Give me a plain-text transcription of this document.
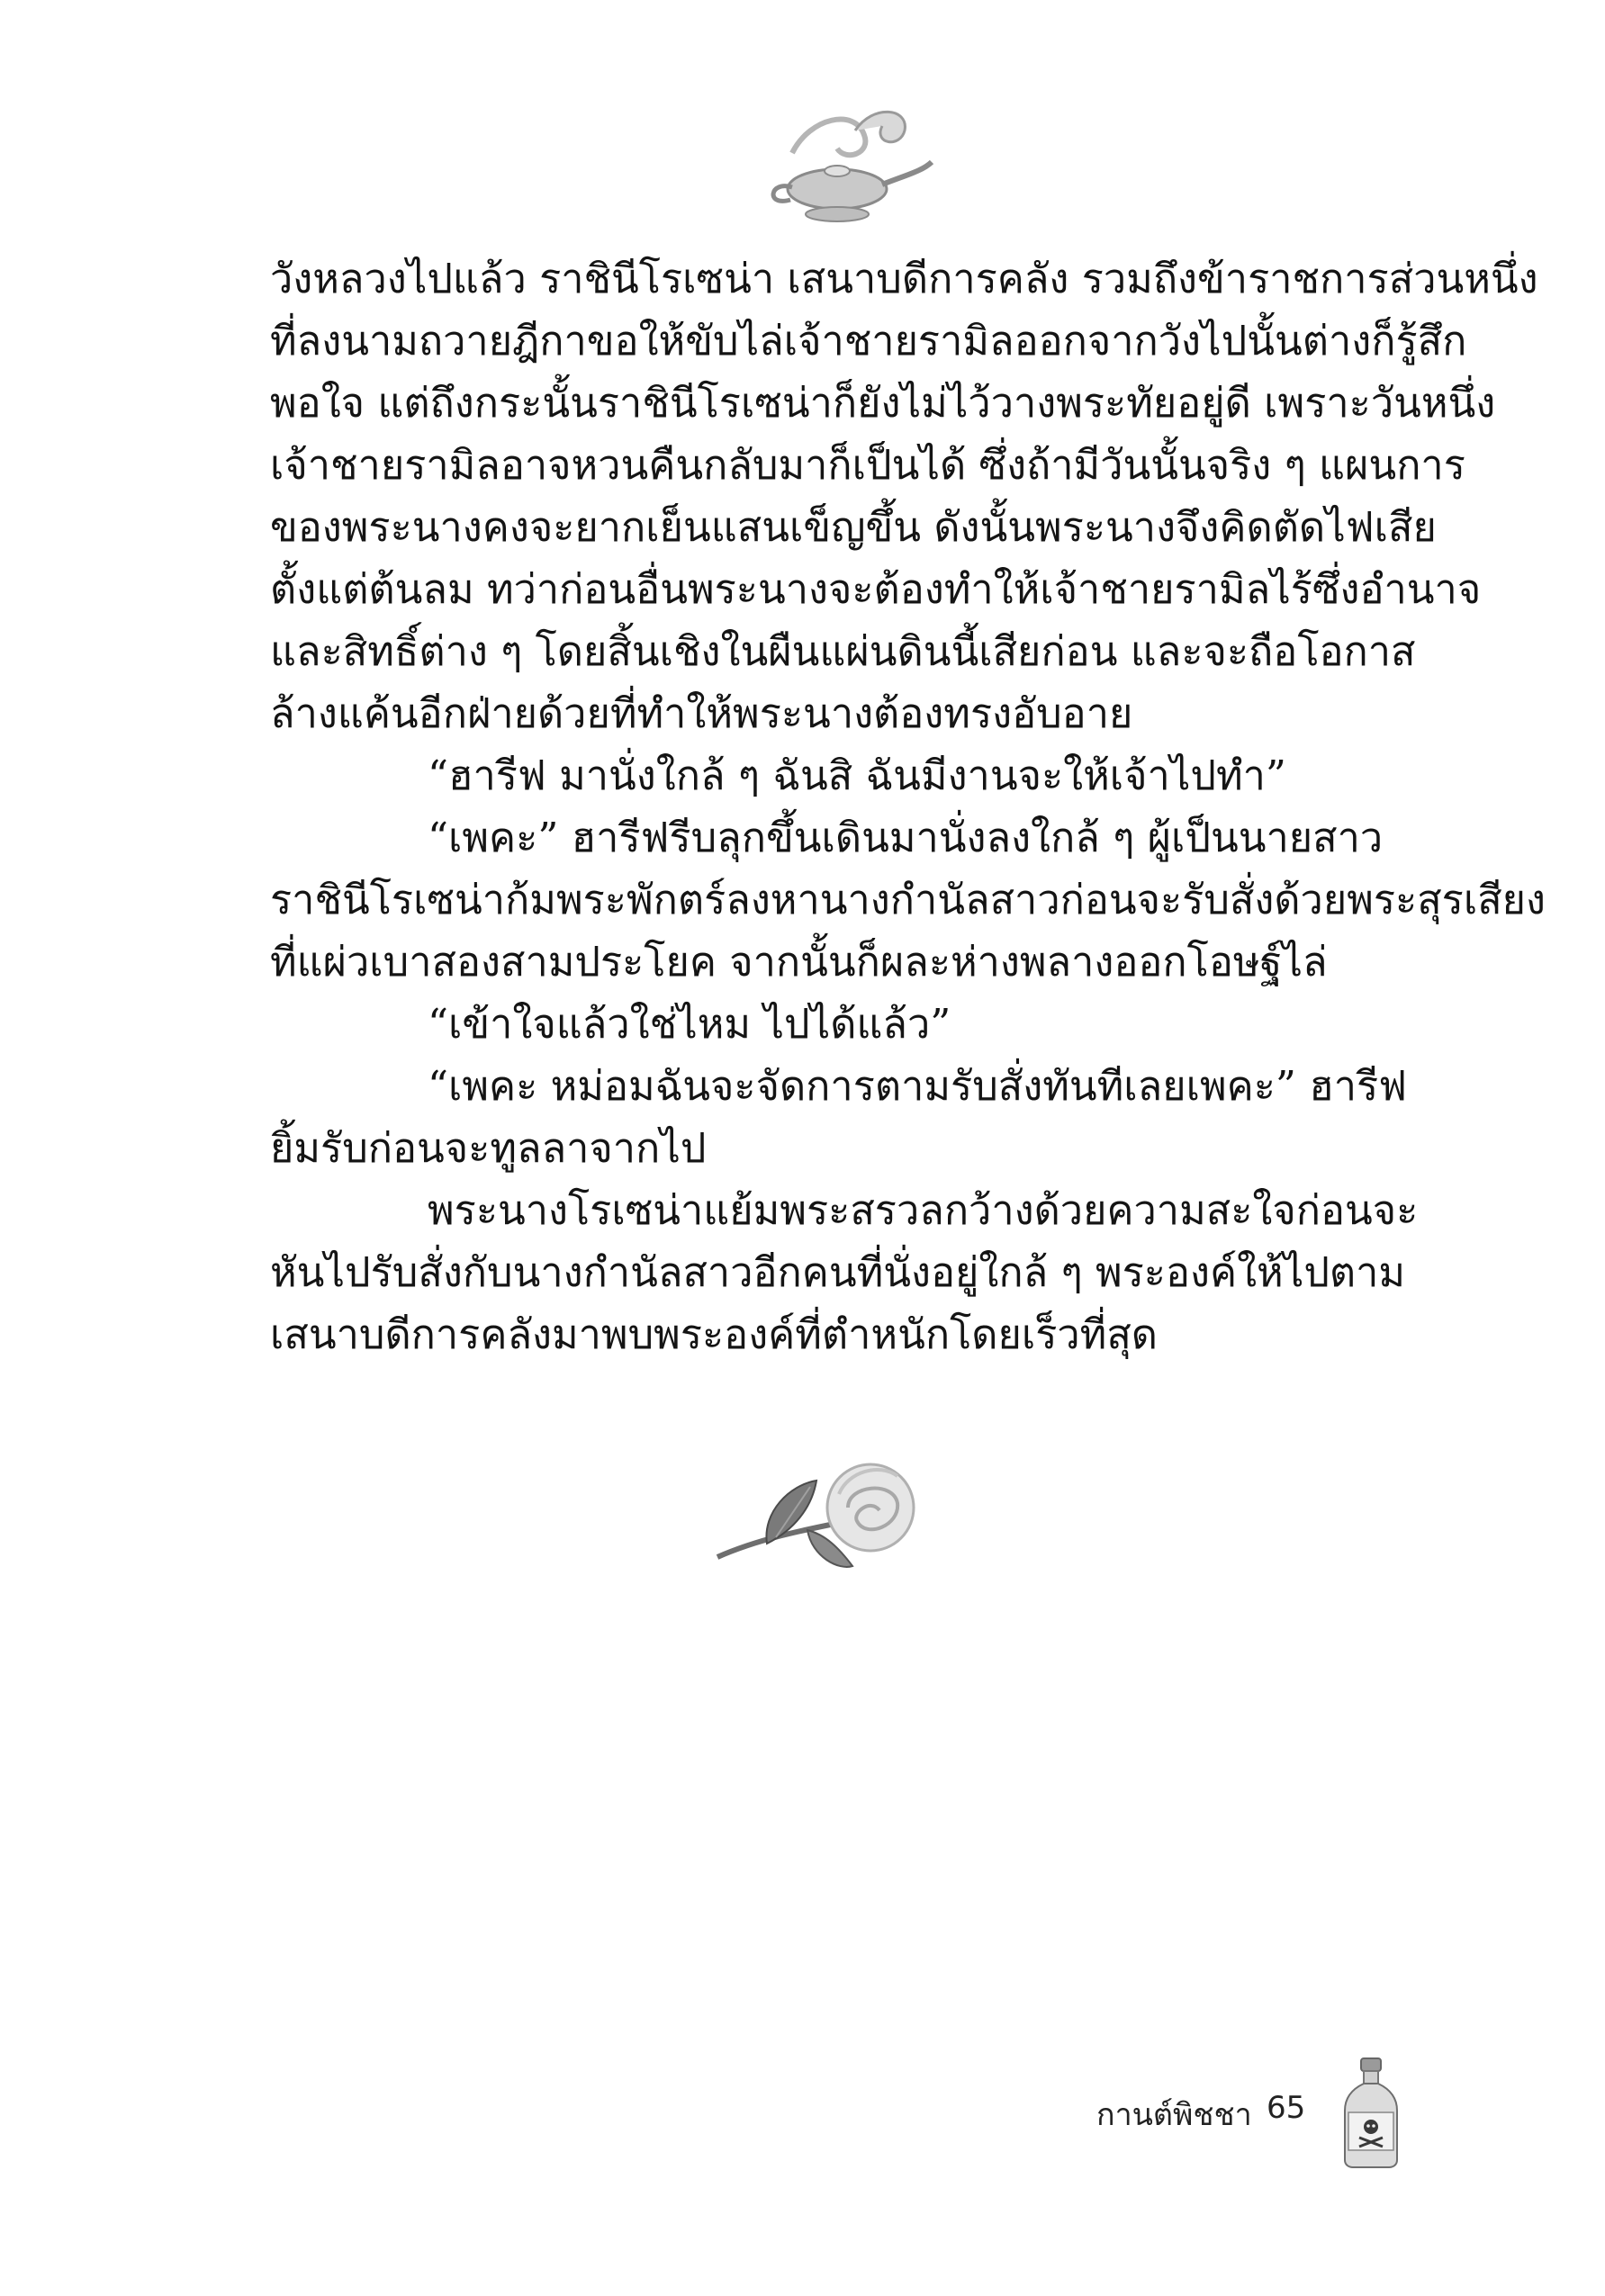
วังหลวงไปแล้ว ราชินีโรเซน่า เสนาบดีการคลัง รวมถึงข้าราชการส่วนหนึ่ง
ที่ลงนามถวายฎีกาขอให้ขับไล่เจ้าชายรามิลออกจากวังไปนั้นต่างก็รู้สึก
พอใจ แต่ถึงกระนั้นราชินีโรเซน่าก็ยังไม่ไว้วางพระทัยอยู่ดี เพราะวันหนึ่ง
เจ้าชายรามิลอาจหวนคืนกลับมาก็เป็นได้ ซึ่งถ้ามีวันนั้นจริง ๆ แผนการ
ของพระนางคงจะยากเย็นแสนเข็ญขึ้น ดังนั้นพระนางจึงคิดตัดไฟเสีย
ตั้งแต่ต้นลม ทว่าก่อนอื่นพระนางจะต้องทำให้เจ้าชายรามิลไร้ซึ่งอำนาจ
และสิทธิ์ต่าง ๆ โดยสิ้นเชิงในผืนแผ่นดินนี้เสียก่อน และจะถือโอกาส
ล้างแค้นอีกฝ่ายด้วยที่ทำให้พระนางต้องทรงอับอาย
“ฮารีฟ มานั่งใกล้ ๆ ฉันสิ ฉันมีงานจะให้เจ้าไปทำ”
“เพคะ” ฮารีฟรีบลุกขึ้นเดินมานั่งลงใกล้ ๆ ผู้เป็นนายสาว
ราชินีโรเซน่าก้มพระพักตร์ลงหานางกำนัลสาวก่อนจะรับสั่งด้วยพระสุรเสียง
ที่แผ่วเบาสองสามประโยค จากนั้นก็ผละห่างพลางออกโอษฐ์ไล่
“เข้าใจแล้วใช่ไหม ไปได้แล้ว”
“เพคะ หม่อมฉันจะจัดการตามรับสั่งทันทีเลยเพคะ” ฮารีฟ
ยิ้มรับก่อนจะทูลลาจากไป
พระนางโรเซน่าแย้มพระสรวลกว้างด้วยความสะใจก่อนจะ
หันไปรับสั่งกับนางกำนัลสาวอีกคนที่นั่งอยู่ใกล้ ๆ พระองค์ให้ไปตาม
เสนาบดีการคลังมาพบพระองค์ที่ตำหนักโดยเร็วที่สุด
กานต์พิชชา 65
